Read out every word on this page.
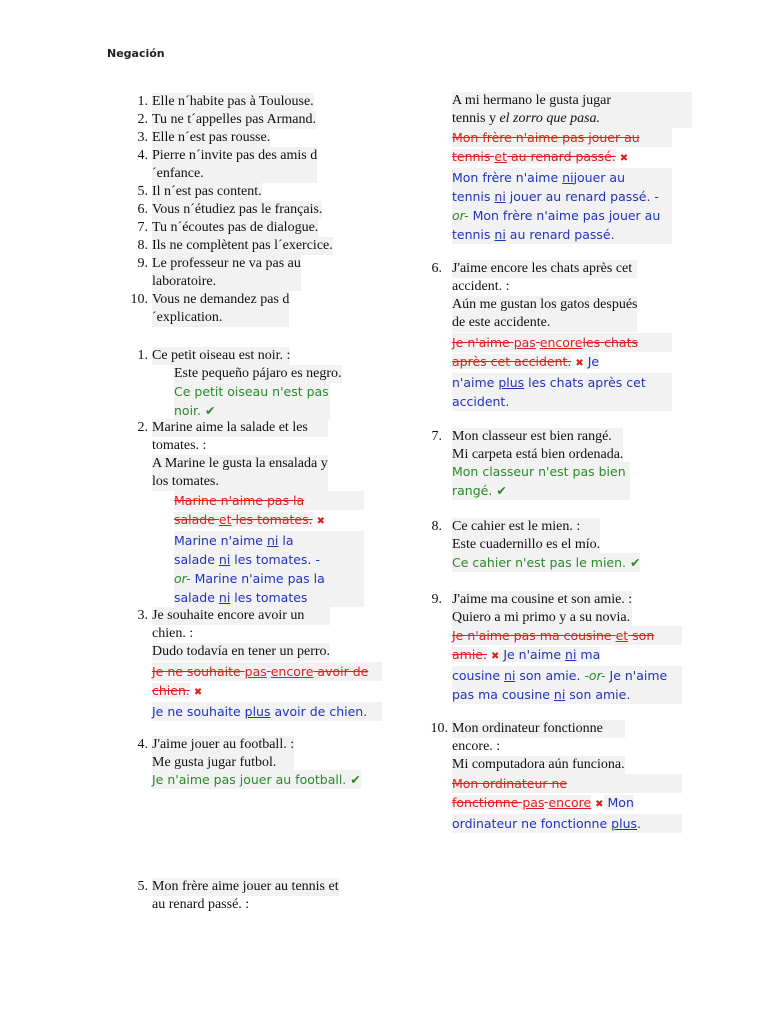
Negación
1. Elle n´habite pas à Toulouse.
2. Tu ne t´appelles pas Armand.
3. Elle n´est pas rousse.
4. Pierre n´invite pas des amis d
´enfance.
5. Il n´est pas content.
6. Vous n´étudiez pas le français.
7. Tu n´écoutes pas de dialogue.
8. Ils ne complètent pas l´exercice.
9. Le professeur ne va pas au
laboratoire.
10. Vous ne demandez pas d
´explication.
1. Ce petit oiseau est noir. :
Este pequeño pájaro es negro.
Ce petit oiseau n'est pas
noir. ✔
2. Marine aime la salade et les
tomates. :
A Marine le gusta la ensalada y
los tomates.
Marine n'aime pas la
salade et les tomates. ✖
Marine n'aime ni la
salade ni les tomates. -
or- Marine n'aime pas la
salade ni les tomates
3. Je souhaite encore avoir un
chien. :
Dudo todavía en tener un perro.
Je ne souhaite pas encore avoir de
chien. ✖
Je ne souhaite plus avoir de chien.
4. J'aime jouer au football. :
Me gusta jugar futbol.
Je n'aime pas jouer au football. ✔
5. Mon frère aime jouer au tennis et
au renard passé. :
A mi hermano le gusta jugar
tennis y el zorro que pasa.
Mon frère n'aime pas jouer au
tennis et au renard passé. ✖
Mon frère n'aime nijouer au
tennis ni jouer au renard passé. -
or- Mon frère n'aime pas jouer au
tennis ni au renard passé.
6. J'aime encore les chats après cet
accident. :
Aún me gustan los gatos después
de este accidente.
Je n'aime pas encoreles chats
après cet accident. ✖ Je
n'aime plus les chats après cet
accident.
7. Mon classeur est bien rangé.
Mi carpeta está bien ordenada.
Mon classeur n'est pas bien
rangé. ✔
8. Ce cahier est le mien. :
Este cuadernillo es el mío.
Ce cahier n'est pas le mien. ✔
9. J'aime ma cousine et son amie. :
Quiero a mi primo y a su novia.
Je n'aime pas ma cousine et son
amie. ✖ Je n'aime ni ma
cousine ni son amie. -or- Je n'aime
pas ma cousine ni son amie.
10. Mon ordinateur fonctionne
encore. :
Mi computadora aún funciona.
Mon ordinateur ne
fonctionne pas encore ✖ Mon
ordinateur ne fonctionne plus.
